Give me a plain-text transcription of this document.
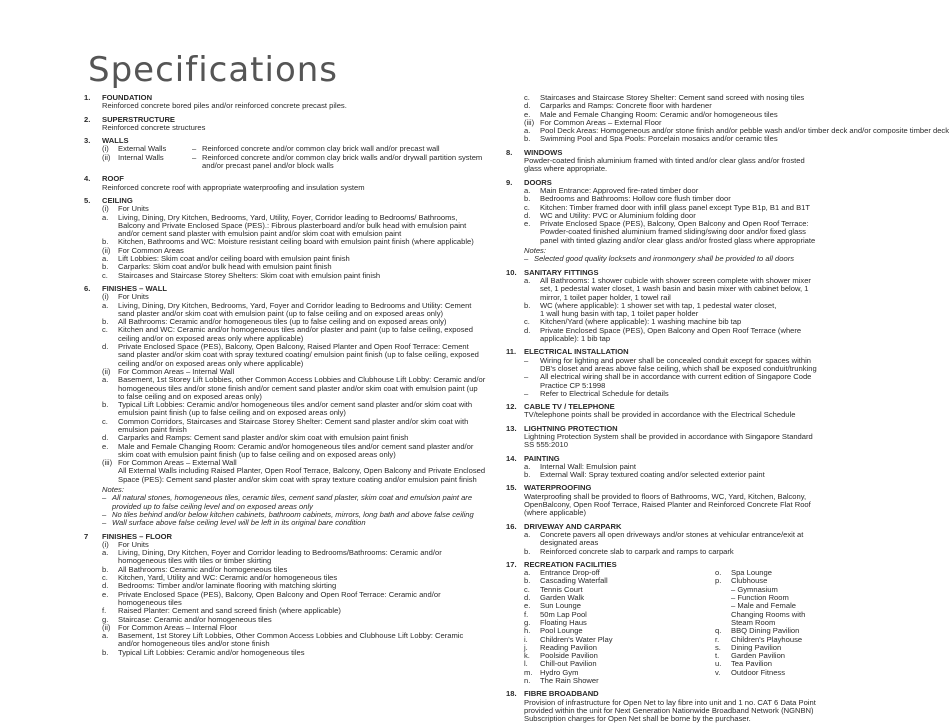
Specifications
1.	FOUNDATION
Reinforced concrete bored piles and/or reinforced concrete precast piles.
2.	SUPERSTRUCTURE
Reinforced concrete structures
3.	WALLS
(i)	External Walls	– Reinforced concrete and/or common clay brick wall and/or precast wall
(ii) Internal Walls	– Reinforced concrete and/or common clay brick walls and/or drywall partition system and/or precast panel and/or block walls
4.	ROOF
Reinforced concrete roof with appropriate waterproofing and insulation system
5.	CEILING
(i)	For Units
a.	Living, Dining, Dry Kitchen, Bedrooms, Yard, Utility, Foyer, Corridor leading to Bedrooms/ Bathrooms, Balcony and Private Enclosed Space (PES).: Fibrous plasterboard and/or bulk head with emulsion paint and/or cement sand plaster with emulsion paint and/or skim coat with emulsion paint
b.	Kitchen, Bathrooms and WC: Moisture resistant ceiling board with emulsion paint finish (where applicable)
(ii) For Common Areas
a.	Lift Lobbies: Skim coat and/or ceiling board with emulsion paint finish
b.	Carparks: Skim coat and/or bulk head with emulsion paint finish
c.	Staircases and Staircase Storey Shelters: Skim coat with emulsion paint finish
6.	FINISHES – WALL
(i)	For Units
a.	Living, Dining, Dry Kitchen, Bedrooms, Yard, Foyer and Corridor leading to Bedrooms and Utility: Cement sand plaster and/or skim coat with emulsion paint (up to false ceiling and on exposed areas only)
b.	All Bathrooms: Ceramic and/or homogeneous tiles (up to false ceiling and on exposed areas only)
c.	Kitchen and WC: Ceramic and/or homogeneous tiles and/or plaster and paint (up to false ceiling, exposed ceiling and/or on exposed areas only where applicable)
d.	Private Enclosed Space (PES), Balcony, Open Balcony, Raised Planter and Open Roof Terrace: Cement sand plaster and/or skim coat with spray textured coating/ emulsion paint finish (up to false ceiling, exposed ceiling and/or on exposed areas only where applicable)
(ii) For Common Areas – Internal Wall
a.	Basement, 1st Storey Lift Lobbies, other Common Access Lobbies and Clubhouse Lift Lobby: Ceramic and/or homogeneous tiles and/or stone finish and/or cement sand plaster and/or skim coat with emulsion paint (up to false ceiling and on exposed areas only)
b.	Typical Lift Lobbies: Ceramic and/or homogeneous tiles and/or cement sand plaster and/or skim coat with emulsion paint finish (up to false ceiling and on exposed areas only)
c.	Common Corridors, Staircases and Staircase Storey Shelter: Cement sand plaster and/or skim coat with emulsion paint finish
d.	Carparks and Ramps: Cement sand plaster and/or skim coat with emulsion paint finish
e.	Male and Female Changing Room: Ceramic and/or homogeneous tiles and/or cement sand plaster and/or skim coat with emulsion paint finish (up to false ceiling and on exposed areas only)
(iii) For Common Areas – External Wall
All External Walls including Raised Planter, Open Roof Terrace, Balcony, Open Balcony and Private Enclosed Space (PES): Cement sand plaster and/or skim coat with spray texture coating and/or emulsion paint finish
Notes:
– All natural stones, homogeneous tiles, ceramic tiles, cement sand plaster, skim coat and emulsion paint are provided up to false ceiling level and on exposed areas only
– No tiles behind and/or below kitchen cabinets, bathroom cabinets, mirrors, long bath and above false ceiling
– Wall surface above false ceiling level will be left in its original bare condition
7	FINISHES – FLOOR
(i)	For Units
a.	Living, Dining, Dry Kitchen, Foyer and Corridor leading to Bedrooms/Bathrooms: Ceramic and/or homogeneous tiles with tiles or timber skirting
b.	All Bathrooms: Ceramic and/or homogeneous tiles
c.	Kitchen, Yard, Utility and WC: Ceramic and/or homogeneous tiles
d.	Bedrooms: Timber and/or laminate flooring with matching skirting
e.	Private Enclosed Space (PES), Balcony, Open Balcony and Open Roof Terrace: Ceramic and/or homogeneous tiles
f.	Raised Planter: Cement and sand screed finish (where applicable)
g.	Staircase: Ceramic and/or homogeneous tiles
(ii) For Common Areas – Internal Floor
a.	Basement, 1st Storey Lift Lobbies, Other Common Access Lobbies and Clubhouse Lift Lobby: Ceramic and/or homogeneous tiles and/or stone finish
b.	Typical Lift Lobbies: Ceramic and/or homogeneous tiles
c.	Staircases and Staircase Storey Shelter: Cement sand screed with nosing tiles
d.	Carparks and Ramps: Concrete floor with hardener
e.	Male and Female Changing Room: Ceramic and/or homogeneous tiles
(iii) For Common Areas – External Floor
a.	Pool Deck Areas: Homogeneous and/or stone finish and/or pebble wash and/or timber deck and/or composite timber deck
b.	Swimming Pool and Spa Pools: Porcelain mosaics and/or ceramic tiles
8.	WINDOWS
Powder-coated finish aluminium framed with tinted and/or clear glass and/or frosted
glass where appropriate.
9.	DOORS
a.	Main Entrance: Approved fire-rated timber door
b.	Bedrooms and Bathrooms: Hollow core flush timber door
c.	Kitchen: Timber framed door with infill glass panel except Type B1p, B1 and B1T
d.	WC and Utility: PVC or Aluminium folding door
e.	Private Enclosed Space (PES), Balcony, Open Balcony and Open Roof Terrace:
Powder-coated finished aluminium framed sliding/swing door and/or fixed glass
panel with tinted glazing and/or clear glass and/or frosted glass where appropriate
Notes:
– Selected good quality locksets and ironmongery shall be provided to all doors
10. SANITARY FITTINGS
a.	All Bathrooms: 1 shower cubicle with shower screen complete with shower mixer
set, 1 pedestal water closet, 1 wash basin and basin mixer with cabinet below, 1
mirror, 1 toilet paper holder, 1 towel rail
b.	WC (where applicable): 1 shower set with tap, 1 pedestal water closet,
1 wall hung basin with tap, 1 toilet paper holder
c.	Kitchen/Yard (where applicable): 1 washing machine bib tap
d.	Private Enclosed Space (PES), Open Balcony and Open Roof Terrace (where
applicable): 1 bib tap
11.	ELECTRICAL INSTALLATION
–	Wiring for lighting and power shall be concealed conduit except for spaces within
DB's closet and areas above false ceiling, which shall be exposed conduit/trunking
–	All electrical wiring shall be in accordance with current edition of Singapore Code
Practice CP 5:1998
–	Refer to Electrical Schedule for details
12. CABLE TV / TELEPHONE
TV/telephone points shall be provided in accordance with the Electrical Schedule
13. LIGHTNING PROTECTION
Lightning Protection System shall be provided in accordance with Singapore Standard
SS 555:2010
14. PAINTING
a.	Internal Wall: Emulsion paint
b.	External Wall: Spray textured coating and/or selected exterior paint
15. WATERPROOFING
Waterproofing shall be provided to floors of Bathrooms, WC, Yard, Kitchen, Balcony,
OpenBalcony, Open Roof Terrace, Raised Planter and Reinforced Concrete Flat Roof
(where applicable)
16. DRIVEWAY AND CARPARK
a.	Concrete pavers all open driveways and/or stones at vehicular entrance/exit at
designated areas
b.	Reinforced concrete slab to carpark and ramps to carpark
17. RECREATION FACILITIES
a.	Entrance Drop-off	o.	Spa Lounge
b.	Cascading Waterfall	p.	Clubhouse
c.	Tennis Court	– Gymnasium
d.	Garden Walk	– Function Room
e.	Sun Lounge	– Male and Female
f.	50m Lap Pool	Changing Rooms with
g.	Floating Haus	Steam Room
h.	Pool Lounge	q.	BBQ Dining Pavilion
i.	Children's Water Play	r.	Children's Playhouse
j.	Reading Pavilion	s.	Dining Pavilion
k.	Poolside Pavilion	t.	Garden Pavilion
l.	Chill-out Pavilion	u.	Tea Pavilion
m. Hydro Gym	v.	Outdoor Fitness
n.	The Rain Shower
18. FIBRE BROADBAND
Provision of infrastructure for Open Net to lay fibre into unit and 1 no. CAT 6 Data Point
provided within the unit for Next Generation Nationwide Broadband Network (NGNBN)
Subscription charges for Open Net shall be borne by the purchaser.
